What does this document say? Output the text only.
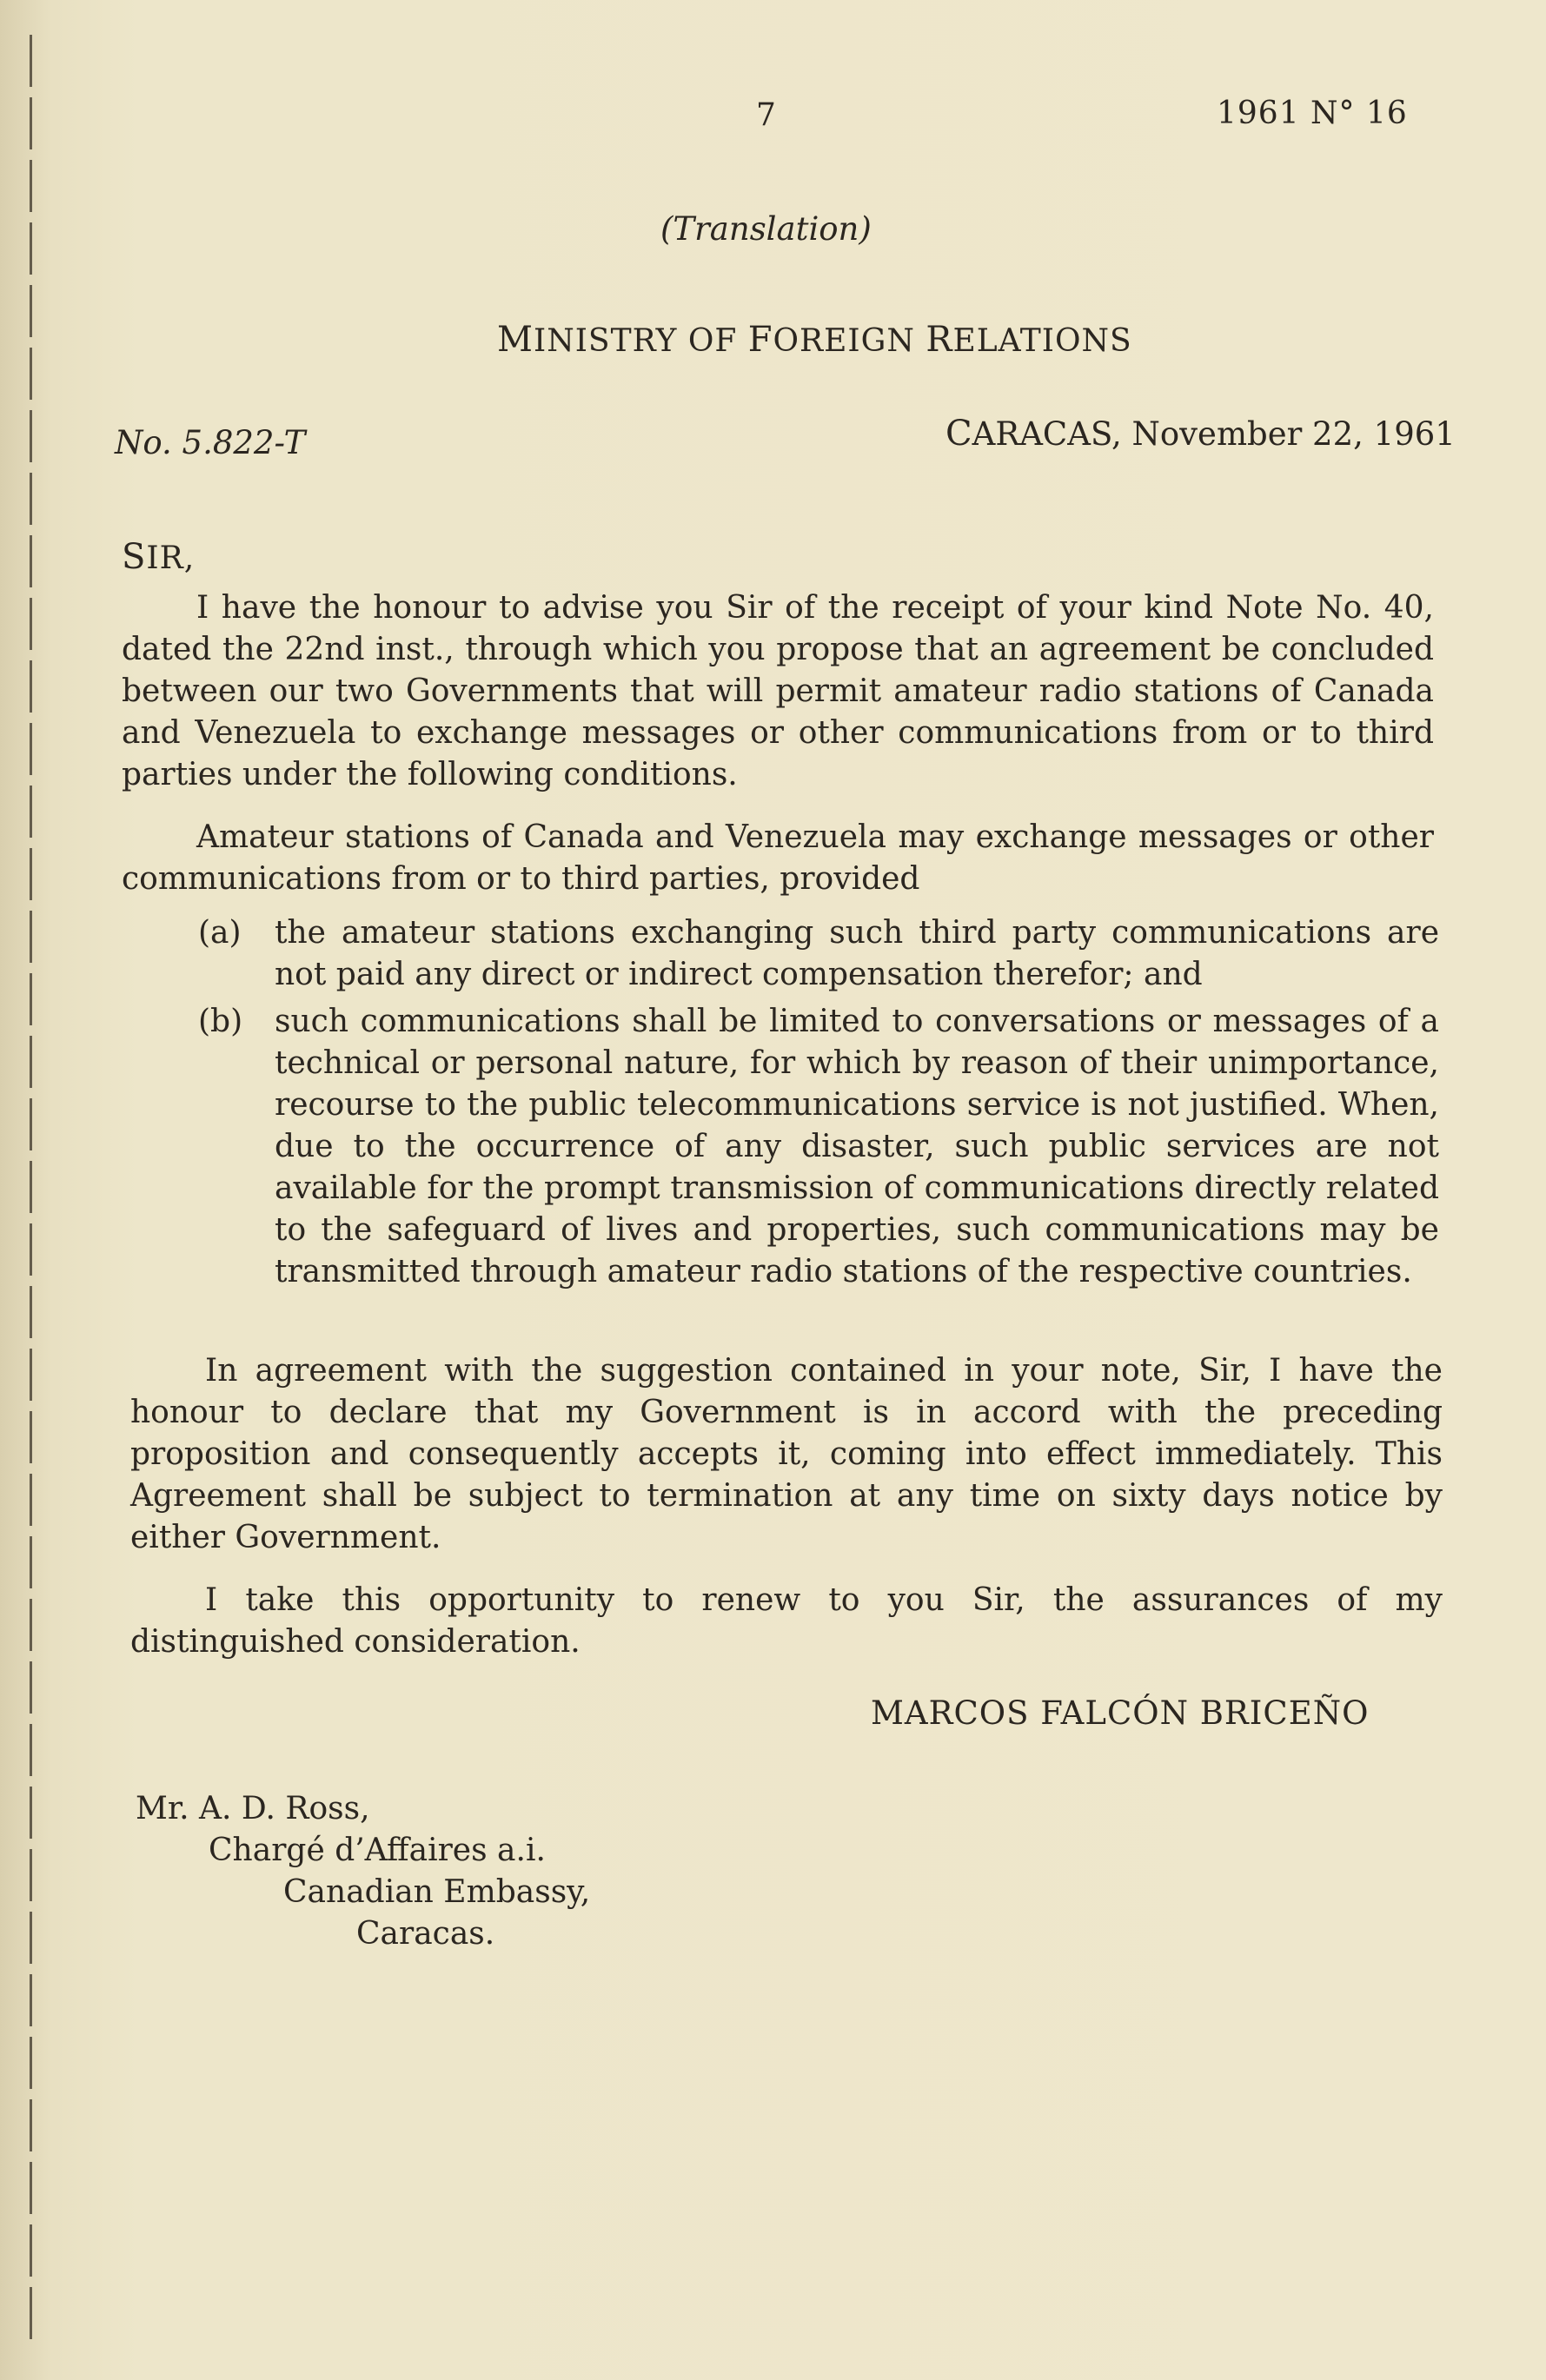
7	1961 N° 16
(Translation)
MINISTRY OF FOREIGN RELATIONS
No. 5.822-T	CARACAS, November 22, 1961
SIR,
I have the honour to advise you Sir of the receipt of your kind Note No. 40, dated the 22nd inst., through which you propose that an agreement be concluded between our two Governments that will permit amateur radio stations of Canada and Venezuela to exchange messages or other communications from or to third parties under the following conditions.
Amateur stations of Canada and Venezuela may exchange messages or other communications from or to third parties, provided
(a) the amateur stations exchanging such third party communications are not paid any direct or indirect compensation therefor; and
(b) such communications shall be limited to conversations or messages of a technical or personal nature, for which by reason of their unimportance, recourse to the public telecommunications service is not justified. When, due to the occurrence of any disaster, such public services are not available for the prompt transmission of communications directly related to the safeguard of lives and properties, such communications may be transmitted through amateur radio stations of the respective countries.
In agreement with the suggestion contained in your note, Sir, I have the honour to declare that my Government is in accord with the preceding proposition and consequently accepts it, coming into effect immediately. This Agreement shall be subject to termination at any time on sixty days notice by either Government.
I take this opportunity to renew to you Sir, the assurances of my distinguished consideration.
MARCOS FALCÓN BRICEÑO
Mr. A. D. Ross,
Chargé d’Affaires a.i.
Canadian Embassy,
Caracas.
